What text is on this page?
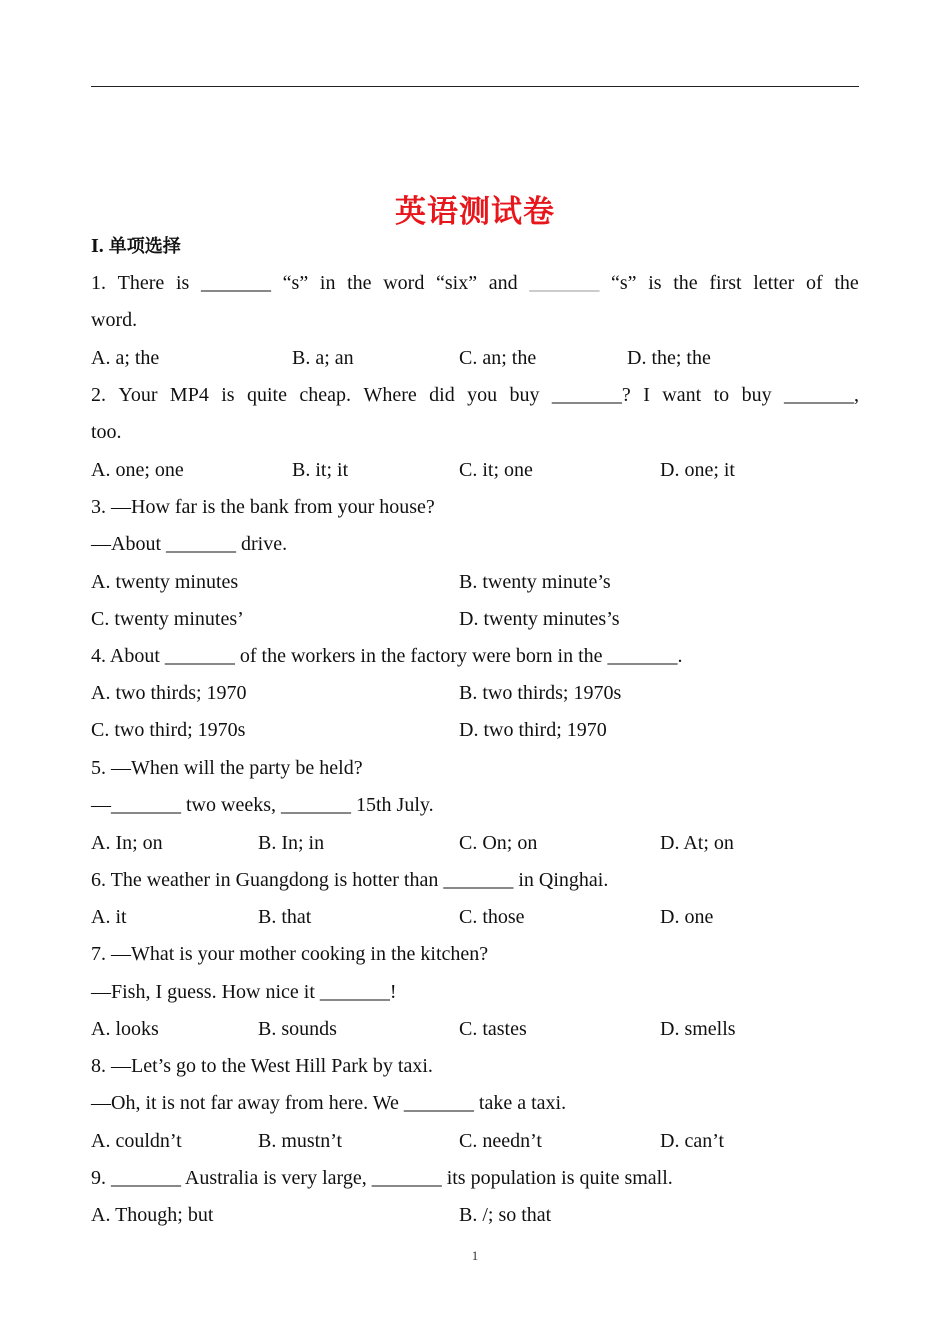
英语测试卷
I. 单项选择
1. There is _______ “s” in the word “six” and _______ “s” is the first letter of the
word.
A. a; the	B. a; an	C. an; the	D. the; the
2. Your MP4 is quite cheap. Where did you buy _______? I want to buy _______,
too.
A. one; one	B. it; it	C. it; one	D. one; it
3. —How far is the bank from your house?
—About _______ drive.
A. twenty minutes	B. twenty minute’s
C. twenty minutes’	D. twenty minutes’s
4. About _______ of the workers in the factory were born in the _______.
A. two thirds; 1970	B. two thirds; 1970s
C. two third; 1970s	D. two third; 1970
5. —When will the party be held?
—_______ two weeks, _______ 15th July.
A. In; on	B. In; in	C. On; on	D. At; on
6. The weather in Guangdong is hotter than _______ in Qinghai.
A. it	B. that	C. those	D. one
7. —What is your mother cooking in the kitchen?
—Fish, I guess. How nice it _______!
A. looks	B. sounds	C. tastes	D. smells
8. —Let’s go to the West Hill Park by taxi.
—Oh, it is not far away from here. We _______ take a taxi.
A. couldn’t	B. mustn’t	C. needn’t	D. can’t
9. _______ Australia is very large, _______ its population is quite small.
A. Though; but	B. /; so that
1
